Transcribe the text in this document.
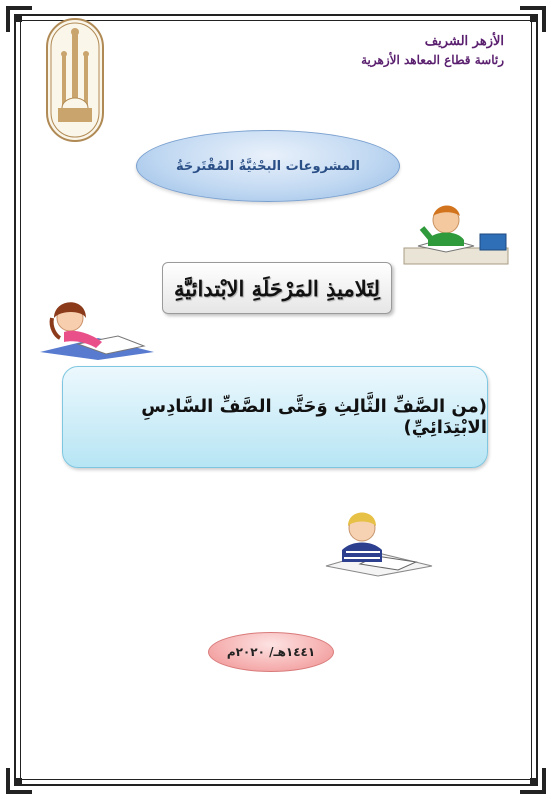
الأزهر الشريف
رئاسة قطاع المعاهد الأزهرية
المشروعات البحْثيَّةُ المُقْتَرحَةُ
لِتَلاميذِ المَرْحَلَةِ الابْتدائيَّةِ
(من الصَّفِّ الثَّالِثِ وَحَتَّى الصَّفِّ السَّادِسِ الابْتِدَائِيِّ)
١٤٤١هـ/ ٢٠٢٠م
